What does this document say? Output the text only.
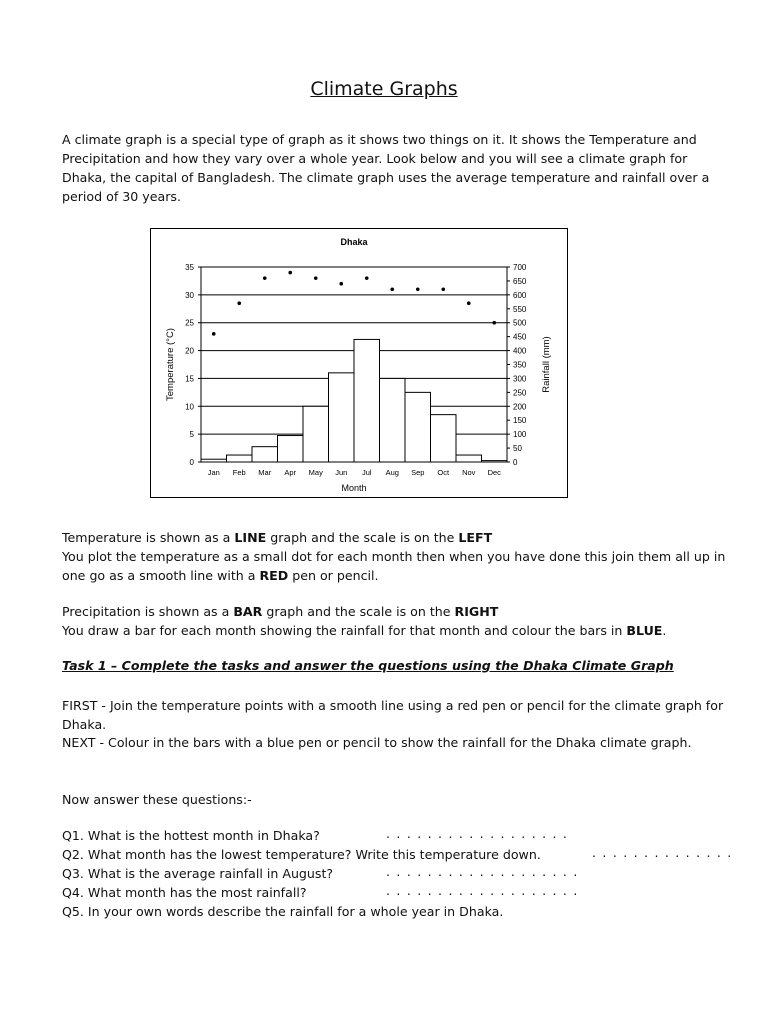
Climate Graphs
A climate graph is a special type of graph as it shows two things on it. It shows the Temperature and Precipitation and how they vary over a whole year. Look below and you will see a climate graph for Dhaka, the capital of Bangladesh. The climate graph uses the average temperature and rainfall over a period of 30 years.
0
5
10
15
20
25
30
35
0
50
100
150
200
250
300
350
400
450
500
550
600
650
700
Jan Feb Mar Apr May Jun Jul Aug Sep Oct Nov Dec
Dhaka
Month
Temperature (°C)	Rainfall (mm)
Temperature is shown as a LINE graph and the scale is on the LEFT
You plot the temperature as a small dot for each month then when you have done this join them all up in one go as a smooth line with a RED pen or pencil.
Precipitation is shown as a BAR graph and the scale is on the RIGHT
You draw a bar for each month showing the rainfall for that month and colour the bars in BLUE.
Task 1 – Complete the tasks and answer the questions using the Dhaka Climate Graph
FIRST - Join the temperature points with a smooth line using a red pen or pencil for the climate graph for Dhaka.
NEXT - Colour in the bars with a blue pen or pencil to show the rainfall for the Dhaka climate graph.
Now answer these questions:-
Q1. What is the hottest month in Dhaka?	. . . . . . . . . . . . . . . . . .
Q2. What month has the lowest temperature? Write this temperature down.	. . . . . . . . . . . . . .
Q3. What is the average rainfall in August?	. . . . . . . . . . . . . . . . . . .
Q4. What month has the most rainfall?	. . . . . . . . . . . . . . . . . . .
Q5. In your own words describe the rainfall for a whole year in Dhaka.
